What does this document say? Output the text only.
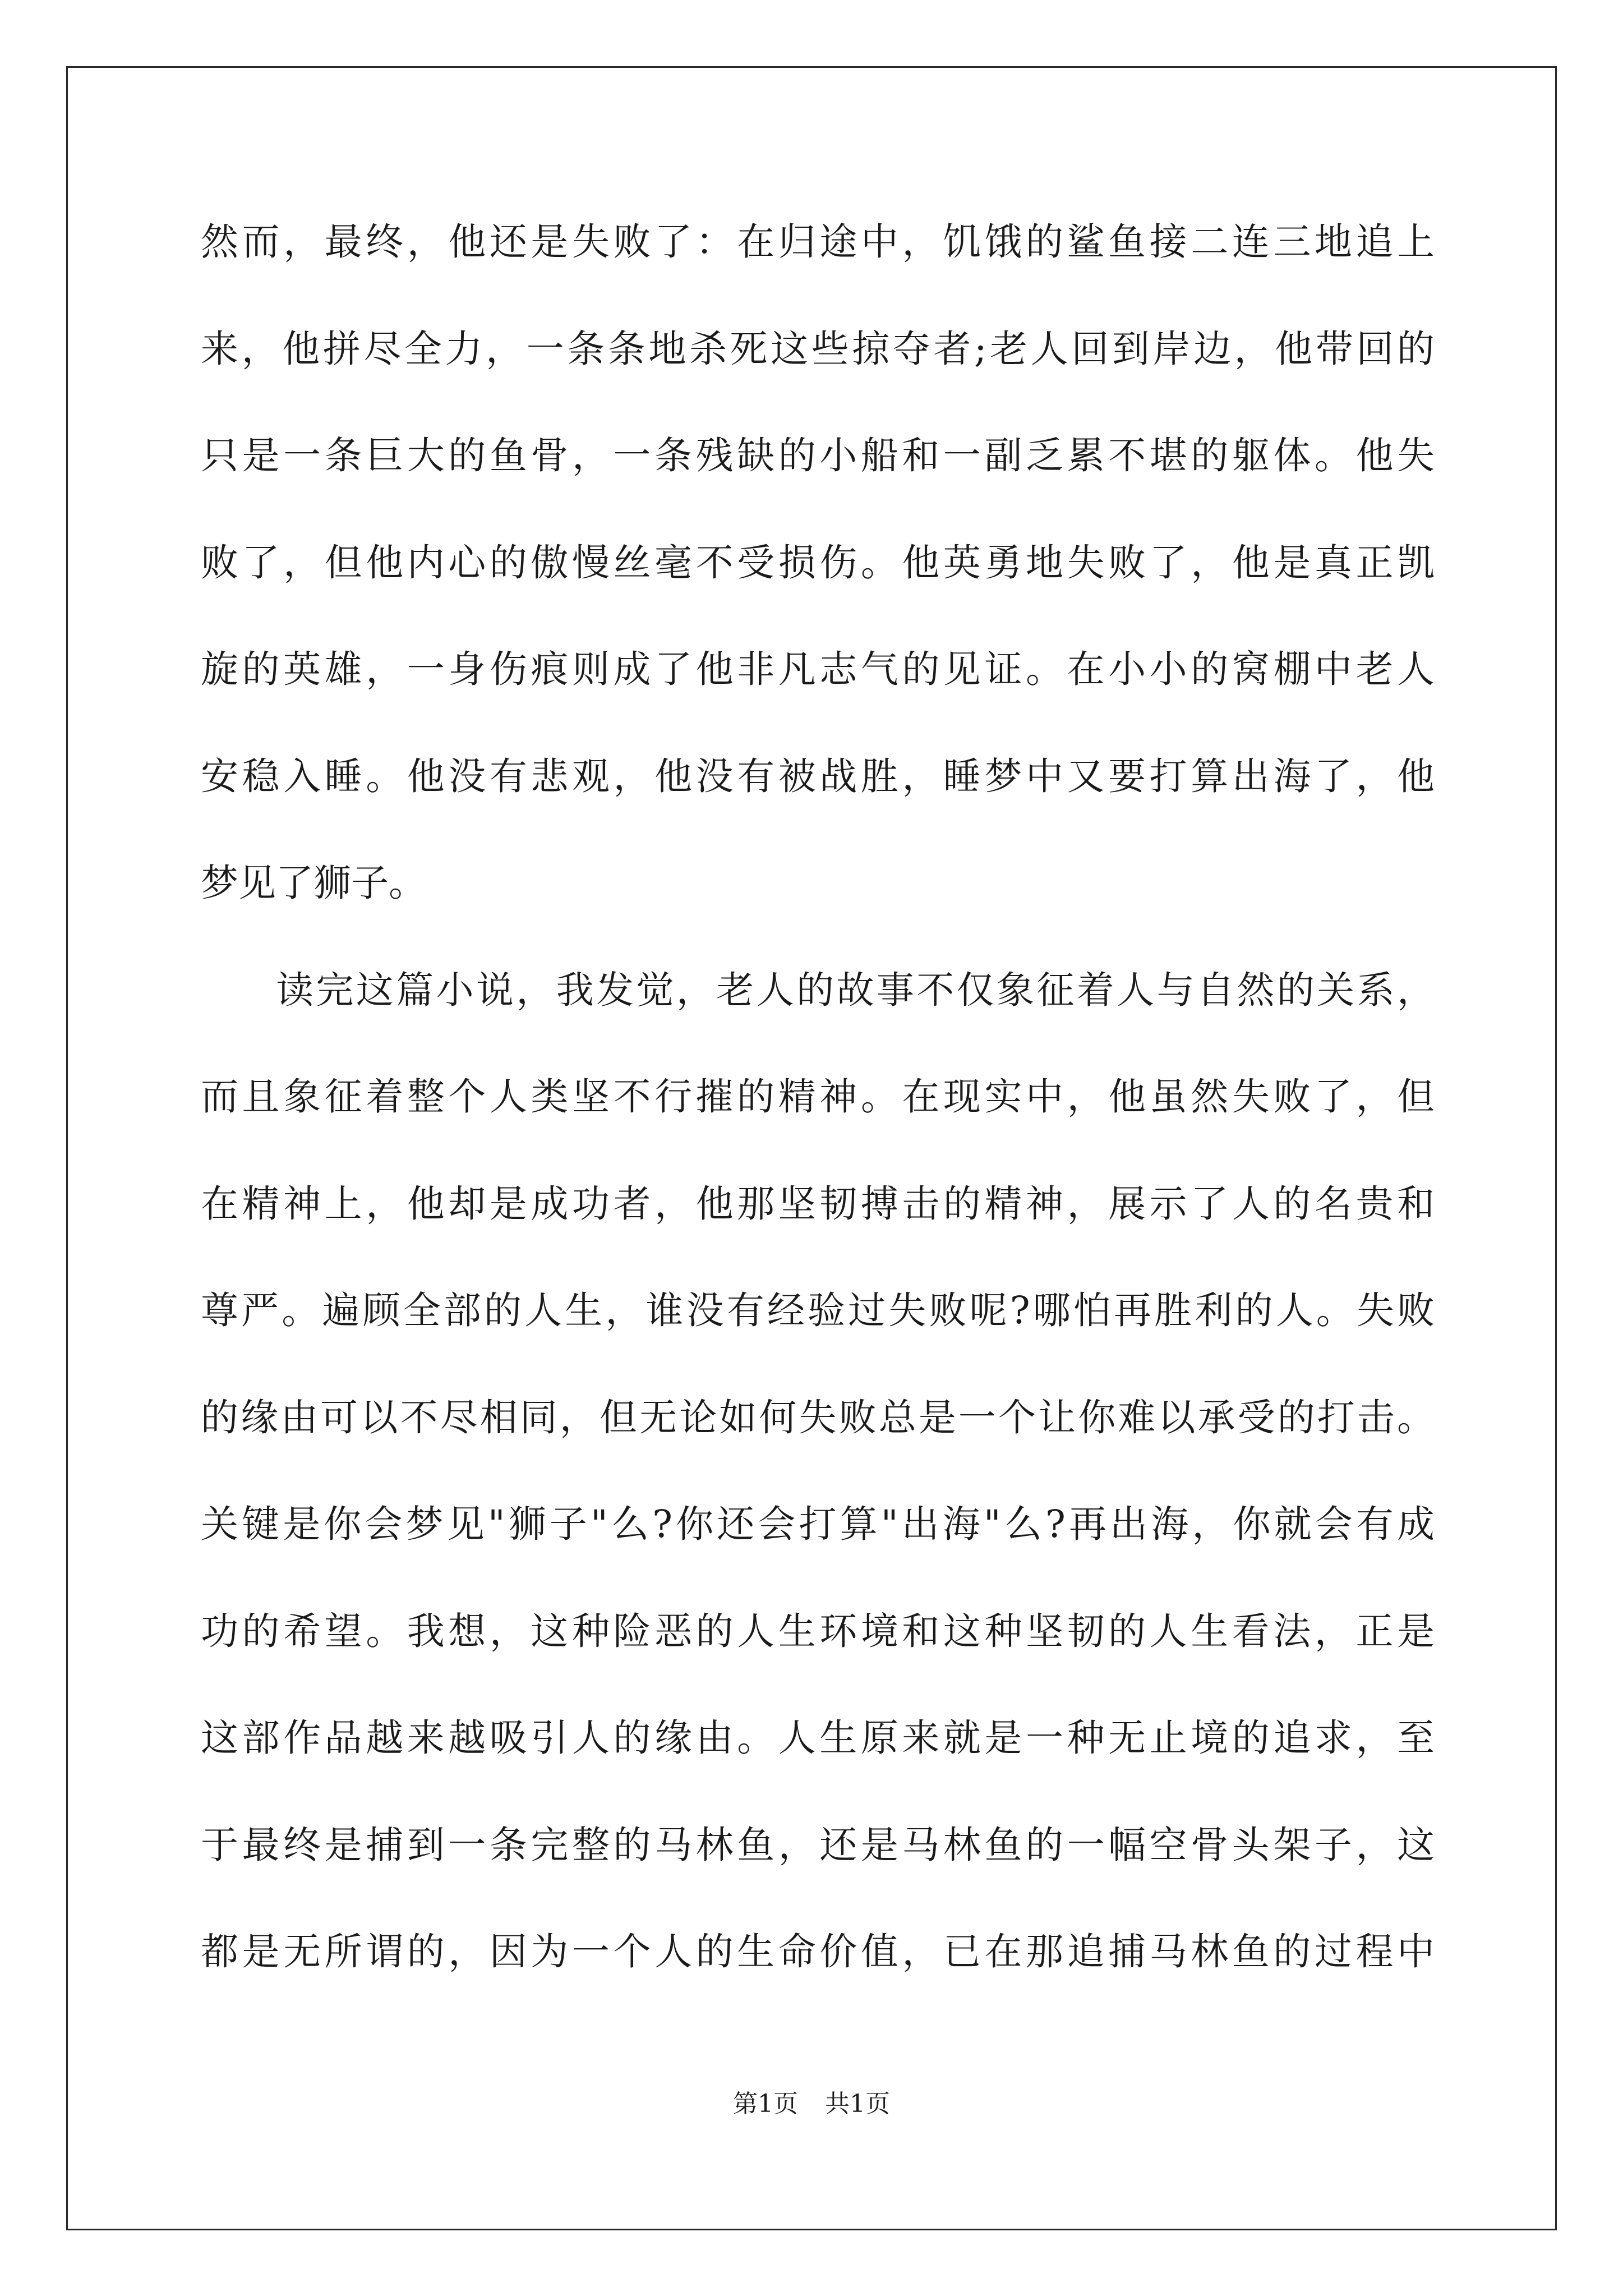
然而，最终，他还是失败了：在归途中，饥饿的鲨鱼接二连三地追上
来，他拼尽全力，一条条地杀死这些掠夺者;老人回到岸边，他带回的
只是一条巨大的鱼骨，一条残缺的小船和一副乏累不堪的躯体。他失
败了，但他内心的傲慢丝毫不受损伤。他英勇地失败了，他是真正凯
旋的英雄，一身伤痕则成了他非凡志气的见证。在小小的窝棚中老人
安稳入睡。他没有悲观，他没有被战胜，睡梦中又要打算出海了，他
梦见了狮子。
读完这篇小说，我发觉，老人的故事不仅象征着人与自然的关系，
而且象征着整个人类坚不行摧的精神。在现实中，他虽然失败了，但
在精神上，他却是成功者，他那坚韧搏击的精神，展示了人的名贵和
尊严。遍顾全部的人生，谁没有经验过失败呢?哪怕再胜利的人。失败
的缘由可以不尽相同，但无论如何失败总是一个让你难以承受的打击。
关键是你会梦见"狮子"么?你还会打算"出海"么?再出海，你就会有成
功的希望。我想，这种险恶的人生环境和这种坚韧的人生看法，正是
这部作品越来越吸引人的缘由。人生原来就是一种无止境的追求，至
于最终是捕到一条完整的马林鱼，还是马林鱼的一幅空骨头架子，这
都是无所谓的，因为一个人的生命价值，已在那追捕马林鱼的过程中
第1页 共1页
